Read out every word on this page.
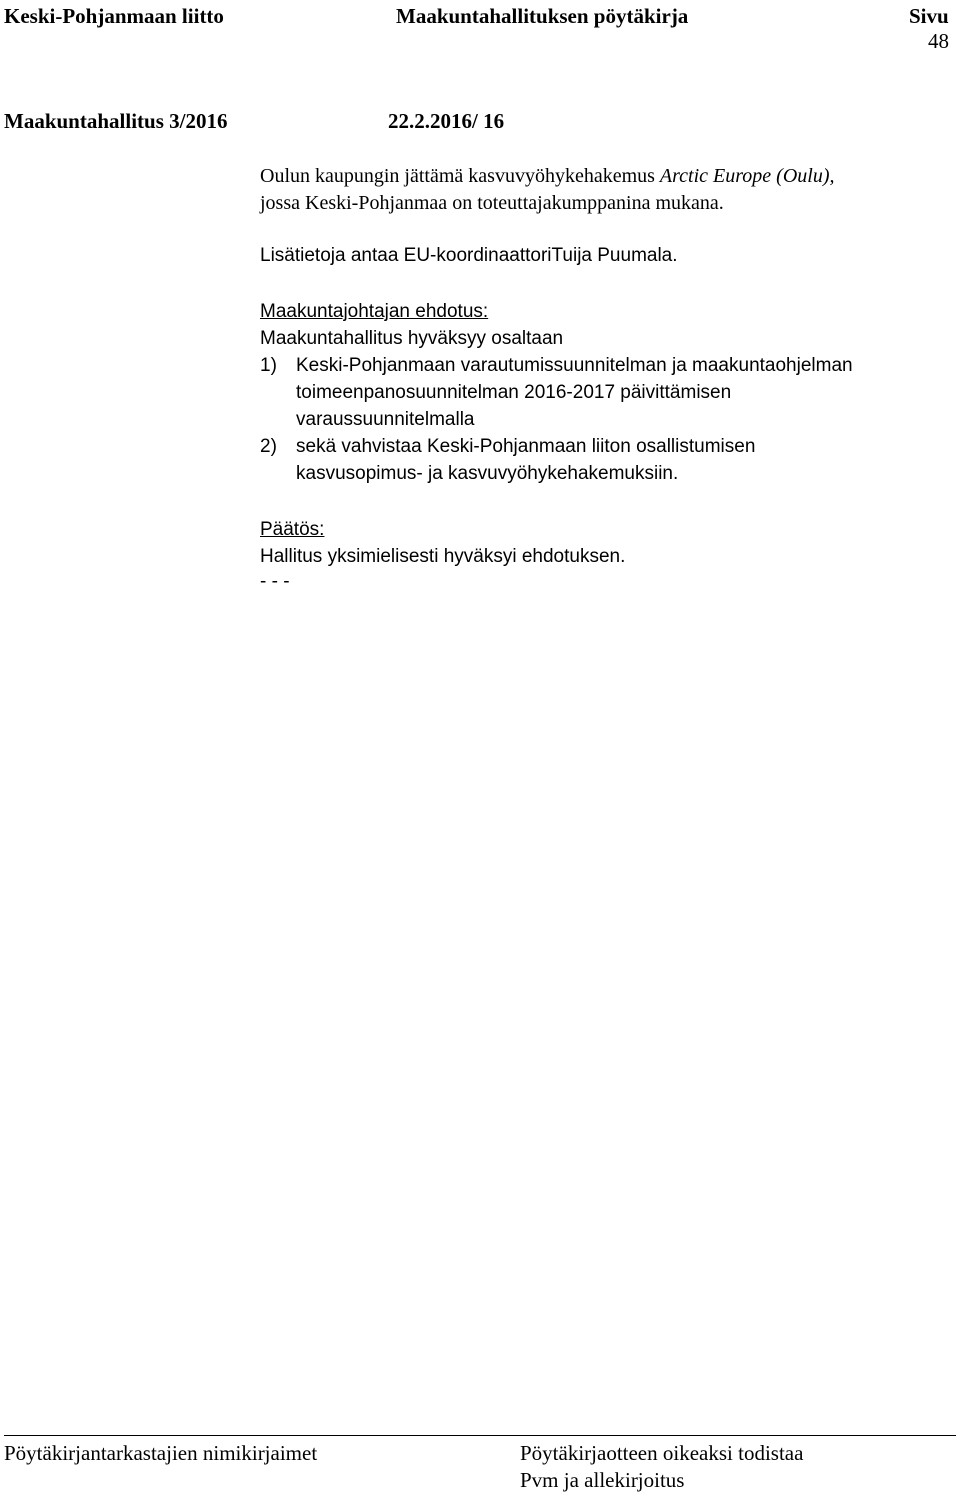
Keski-Pohjanmaan liitto	Maakuntahallituksen pöytäkirja	Sivu
48
Maakuntahallitus 3/2016	22.2.2016/ 16
Oulun kaupungin jättämä kasvuvyöhykehakemus Arctic Europe (Oulu),
jossa Keski-Pohjanmaa on toteuttajakumppanina mukana.
Lisätietoja antaa EU-koordinaattoriTuija Puumala.
Maakuntajohtajan ehdotus:
Maakuntahallitus hyväksyy osaltaan
1) Keski-Pohjanmaan varautumissuunnitelman ja maakuntaohjelman
toimeenpanosuunnitelman 2016-2017 päivittämisen
varaussuunnitelmalla
2) sekä vahvistaa Keski-Pohjanmaan liiton osallistumisen
kasvusopimus- ja kasvuvyöhykehakemuksiin.
Päätös:
Hallitus yksimielisesti hyväksyi ehdotuksen.
- - -
Pöytäkirjantarkastajien nimikirjaimet	Pöytäkirjaotteen oikeaksi todistaa
Pvm ja allekirjoitus
